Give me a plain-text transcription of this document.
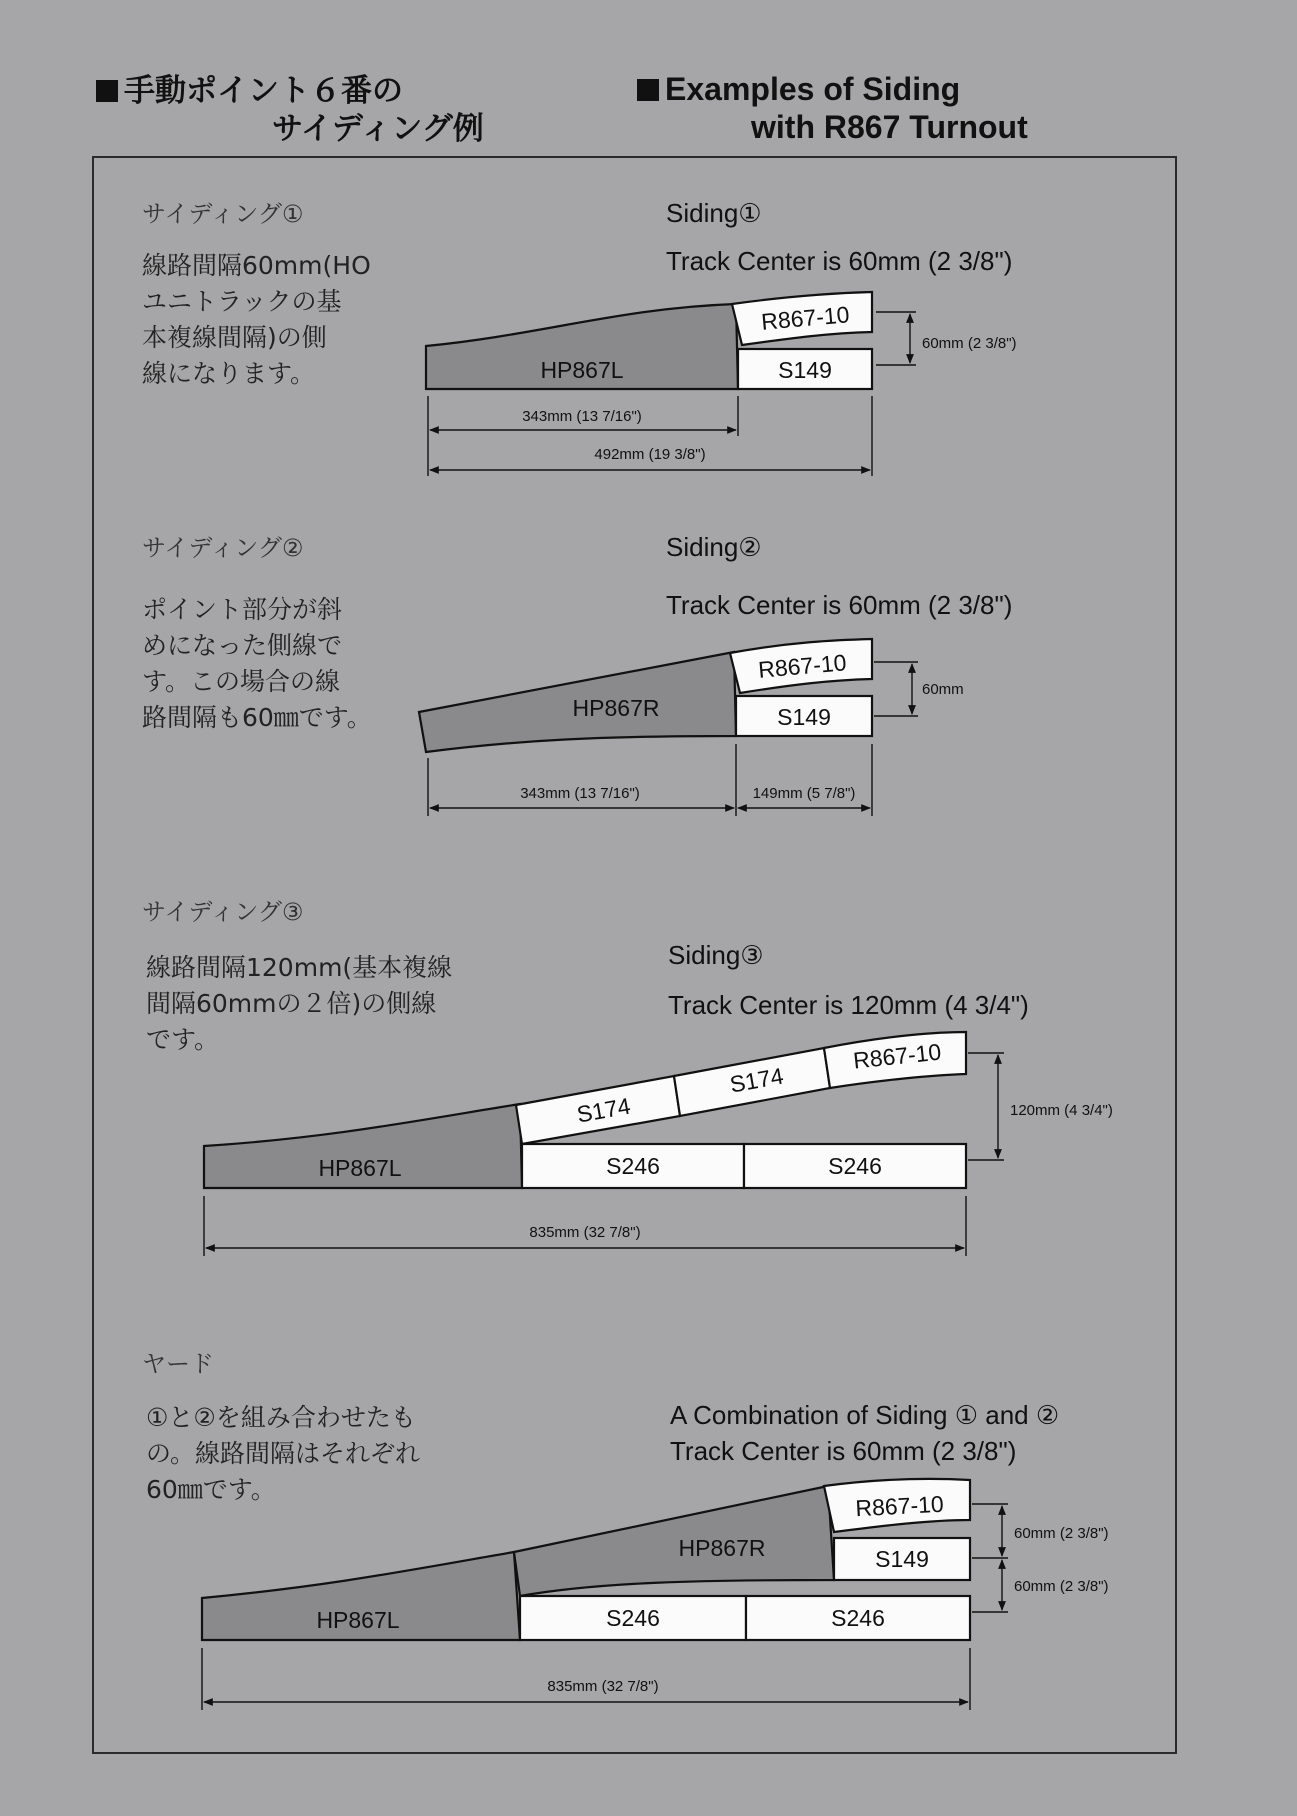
手動ポイント６番の
サイディング例
Examples of Siding
with R867 Turnout
サイディング①
線路間隔60mm(HO
ユニトラックの基
本複線間隔)の側
線になります。
Siding①
Track Center is 60mm (2 3/8")
サイディング②
ポイント部分が斜
めになった側線で
す。この場合の線
路間隔も60㎜です。
Siding②
Track Center is 60mm (2 3/8")
サイディング③
線路間隔120mm(基本複線
間隔60mmの２倍)の側線
です。
Siding③
Track Center is 120mm (4 3/4")
ヤード
①と②を組み合わせたも
の。線路間隔はそれぞれ
60㎜です。
A Combination of Siding ① and ②
Track Center is 60mm (2 3/8")
HP867L
R867-10
S149
60mm (2 3/8")
343mm (13 7/16")
492mm (19 3/8")
HP867R
R867-10
S149
60mm
343mm (13 7/16")	149mm (5 7/8")
HP867L
S174
S174
R867-10
S246	S246
120mm (4 3/4")
835mm (32 7/8")
HP867L
HP867R
R867-10
S149
S246	S246
60mm (2 3/8")
60mm (2 3/8")
835mm (32 7/8")
